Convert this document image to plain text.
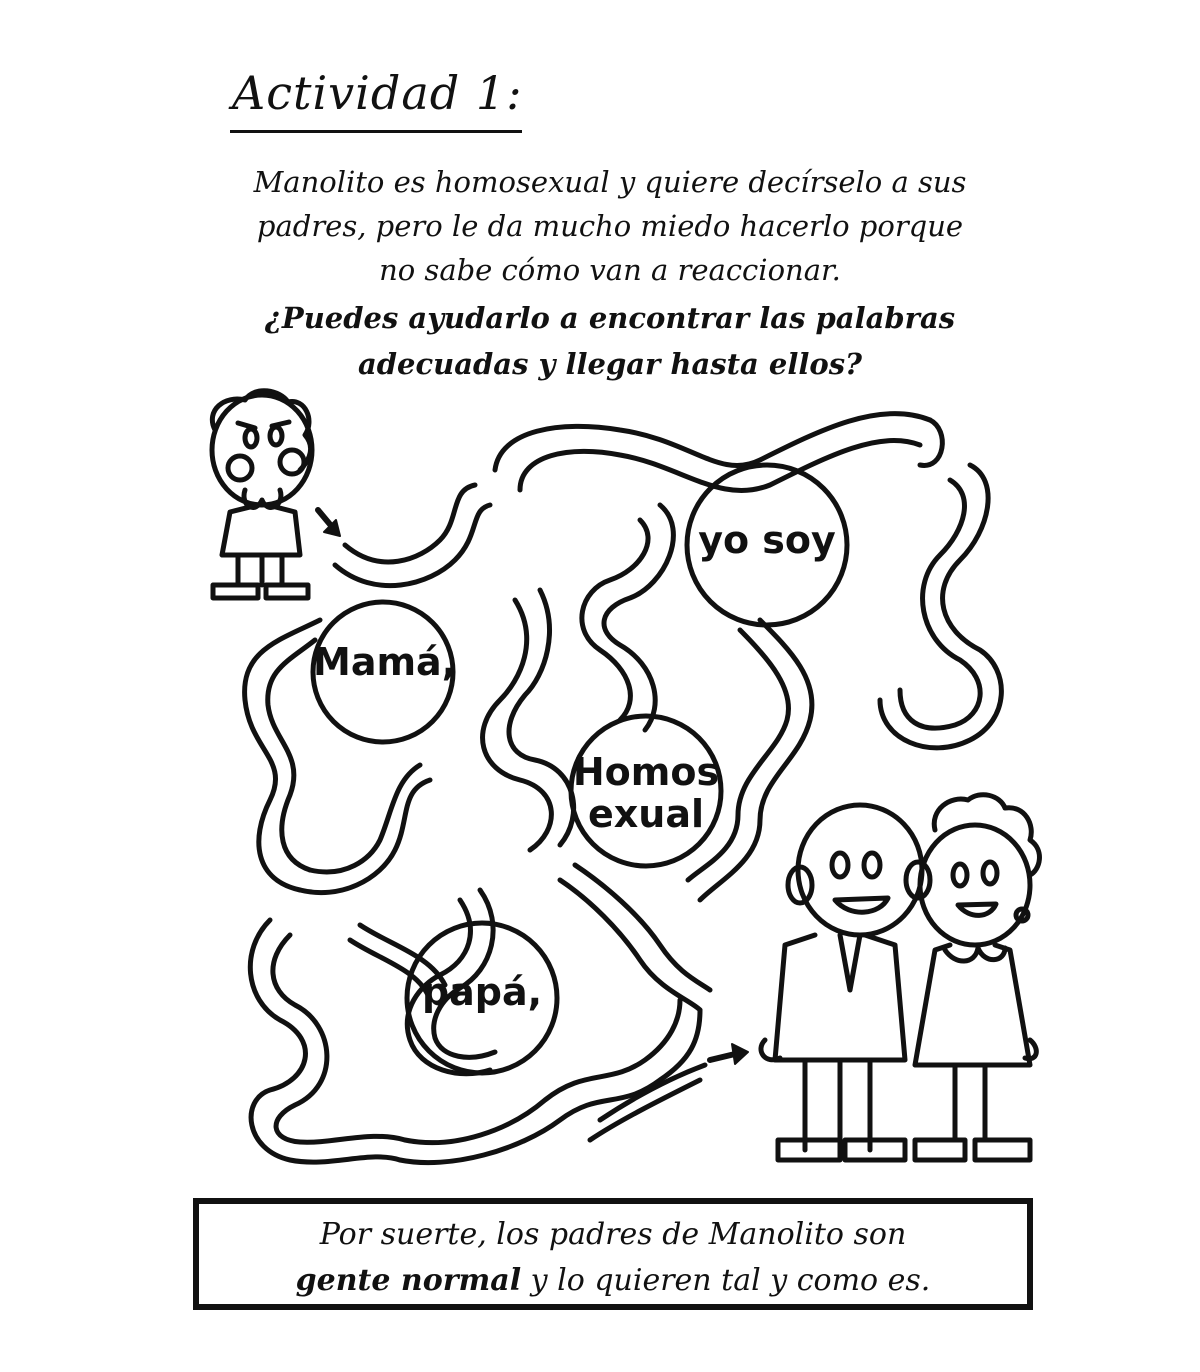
Actividad 1:
Manolito es homosexual y quiere decírselo a sus
padres, pero le da mucho miedo hacerlo porque
no sabe cómo van a reaccionar.
¿Puedes ayudarlo a encontrar las palabras
adecuadas y llegar hasta ellos?
yo soy
Mamá,
Homos
exual
papá,
Por suerte, los padres de Manolito son
gente normal y lo quieren tal y como es.
